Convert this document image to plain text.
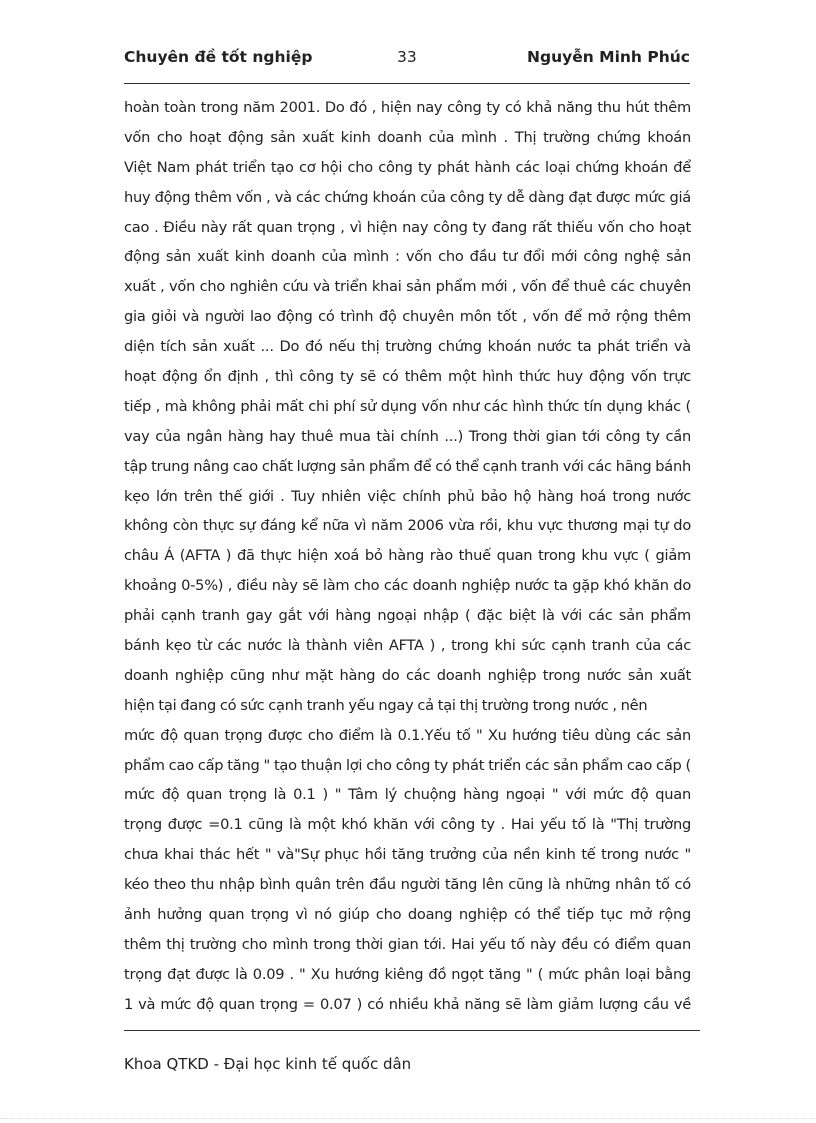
Chuyên đề tốt nghiệp	33	Nguyễn Minh Phúc
hoàn toàn trong năm 2001. Do đó , hiện nay công ty có khả năng thu hút thêm
vốn cho hoạt động sản xuất kinh doanh của mình . Thị trường chứng khoán
Việt Nam phát triển tạo cơ hội cho công ty phát hành các loại chứng khoán để
huy động thêm vốn , và các chứng khoán của công ty dễ dàng đạt được mức giá
cao . Điều này rất quan trọng , vì hiện nay công ty đang rất thiếu vốn cho hoạt
động sản xuất kinh doanh của mình : vốn cho đầu tư đổi mới công nghệ sản
xuất , vốn cho nghiên cứu và triển khai sản phẩm mới , vốn để thuê các chuyên
gia giỏi và người lao động có trình độ chuyên môn tốt , vốn để mở rộng thêm
diện tích sản xuất ... Do đó nếu thị trường chứng khoán nước ta phát triển và
hoạt động ổn định , thì công ty sẽ có thêm một hình thức huy động vốn trực
tiếp , mà không phải mất chi phí sử dụng vốn như các hình thức tín dụng khác (
vay của ngân hàng hay thuê mua tài chính ...) Trong thời gian tới công ty cần
tập trung nâng cao chất lượng sản phẩm để có thể cạnh tranh với các hãng bánh
kẹo lớn trên thế giới . Tuy nhiên việc chính phủ bảo hộ hàng hoá trong nước
không còn thực sự đáng kể nữa vì năm 2006 vừa rồi, khu vực thương mại tự do
châu Á (AFTA ) đã thực hiện xoá bỏ hàng rào thuế quan trong khu vực ( giảm
khoảng 0-5%) , điều này sẽ làm cho các doanh nghiệp nước ta gặp khó khăn do
phải cạnh tranh gay gắt với hàng ngoại nhập ( đặc biệt là với các sản phẩm
bánh kẹo từ các nước là thành viên AFTA ) , trong khi sức cạnh tranh của các
doanh nghiệp cũng như mặt hàng do các doanh nghiệp trong nước sản xuất
hiện tại đang có sức cạnh tranh yếu ngay cả tại thị trường trong nước , nên
mức độ quan trọng được cho điểm là 0.1.Yếu tố " Xu hướng tiêu dùng các sản
phẩm cao cấp tăng " tạo thuận lợi cho công ty phát triển các sản phẩm cao cấp (
mức độ quan trọng là 0.1 ) " Tâm lý chuộng hàng ngoại " với mức độ quan
trọng được =0.1 cũng là một khó khăn với công ty . Hai yếu tố là "Thị trường
chưa khai thác hết " và"Sự phục hồi tăng trưởng của nền kinh tế trong nước "
kéo theo thu nhập bình quân trên đầu người tăng lên cũng là những nhân tố có
ảnh hưởng quan trọng vì nó giúp cho doang nghiệp có thể tiếp tục mở rộng
thêm thị trường cho mình trong thời gian tới. Hai yếu tố này đều có điểm quan
trọng đạt được là 0.09 . " Xu hướng kiêng đồ ngọt tăng " ( mức phân loại bằng
1 và mức độ quan trọng = 0.07 ) có nhiều khả năng sẽ làm giảm lượng cầu về
Khoa QTKD - Đại học kinh tế quốc dân
